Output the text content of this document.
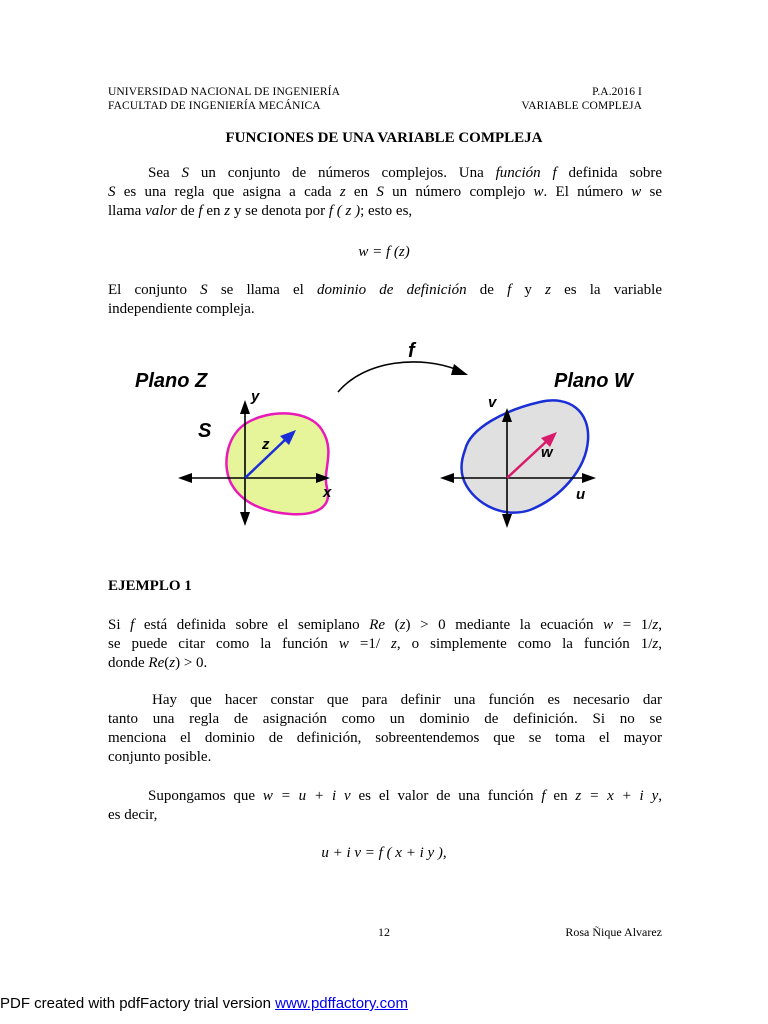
UNIVERSIDAD NACIONAL DE INGENIERÍA
FACULTAD DE INGENIERÍA MECÁNICA
P.A.2016 I
VARIABLE COMPLEJA
FUNCIONES DE UNA VARIABLE COMPLEJA
Sea S un conjunto de números complejos. Una función f definida sobre
S es una regla que asigna a cada z en S un número complejo w. El número w se
llama valor de f en z y se denota por f ( z ); esto es,
w = f (z)
El conjunto S se llama el dominio de definición de f y z es la variable
independiente compleja.
Plano Z	Plano W
f
S
y
x
z
v
u
w
EJEMPLO 1
Si f está definida sobre el semiplano Re (z) > 0 mediante la ecuación w = 1/z,
se puede citar como la función w =1/ z, o simplemente como la función 1/z,
donde Re(z) > 0.
Hay que hacer constar que para definir una función es necesario dar
tanto una regla de asignación como un dominio de definición. Si no se
menciona el dominio de definición, sobreentendemos que se toma el mayor
conjunto posible.
Supongamos que w = u + i v es el valor de una función f en z = x + i y,
es decir,
u + i v = f ( x + i y ),
12	Rosa Ñique Alvarez
PDF created with pdfFactory trial version www.pdffactory.com
